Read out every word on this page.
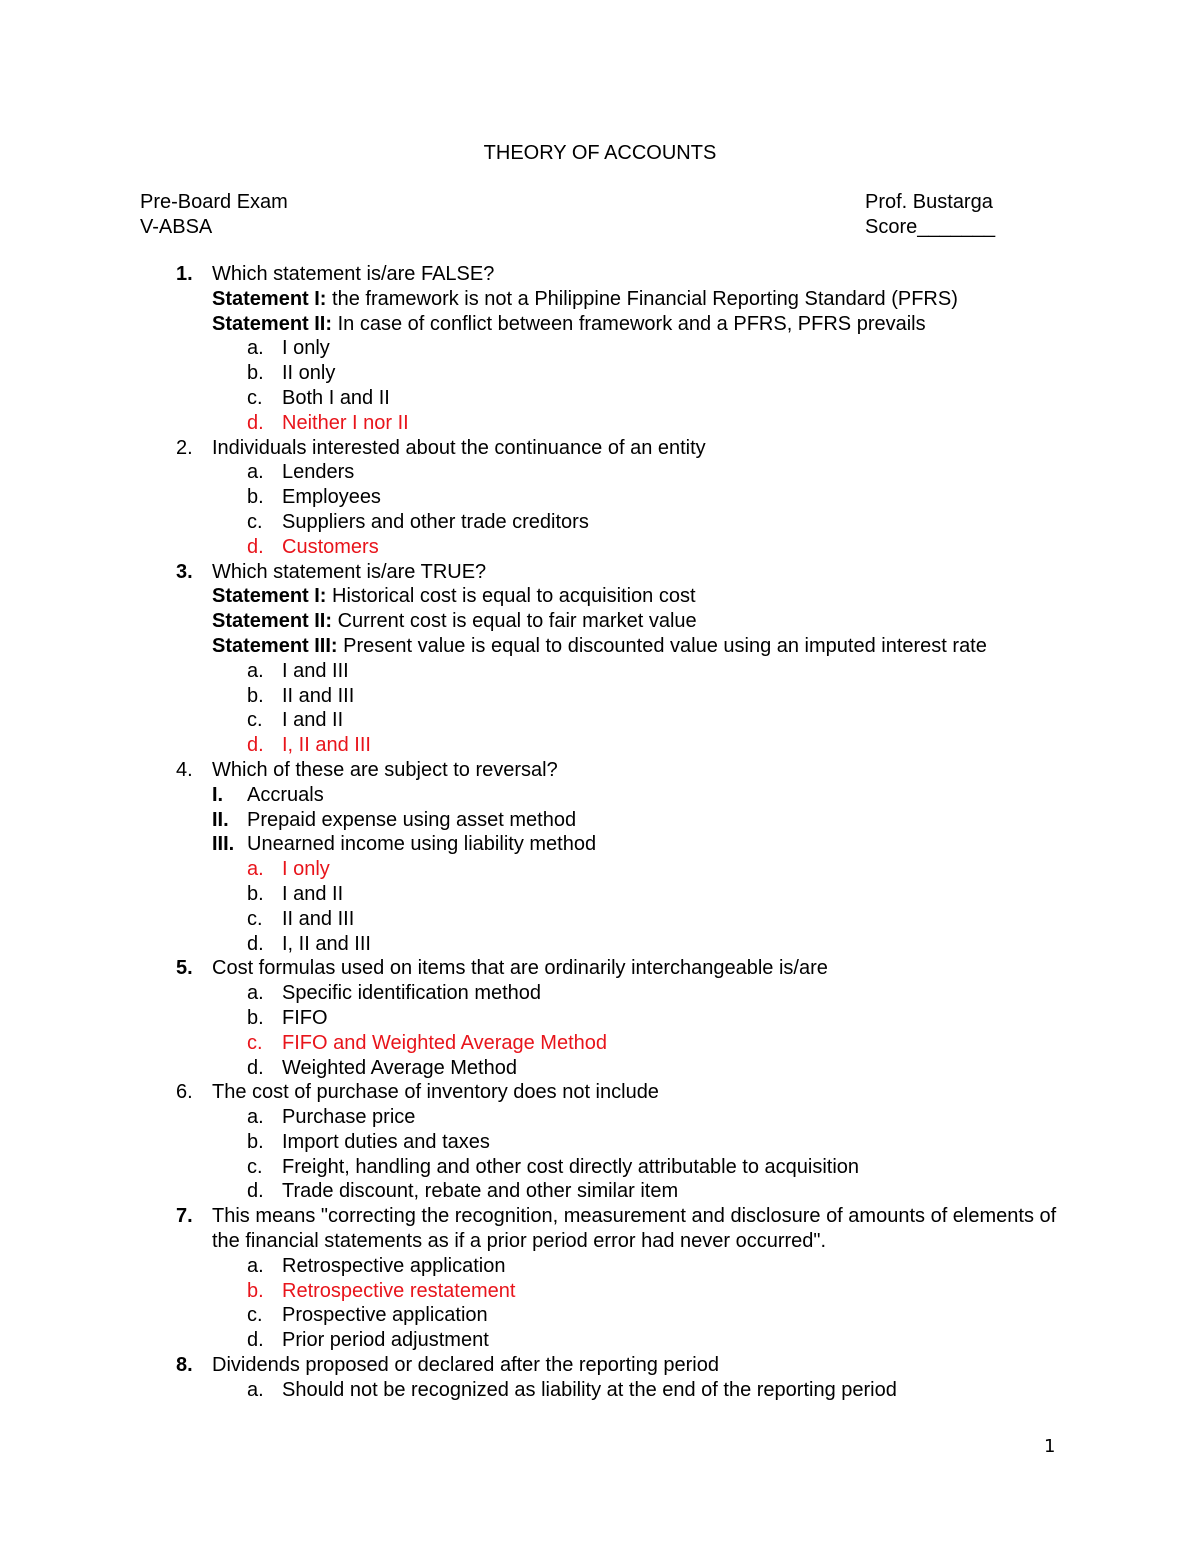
THEORY OF ACCOUNTS
Pre-Board Exam
V-ABSA
Prof. Bustarga
Score_______
1. Which statement is/are FALSE?
Statement I: the framework is not a Philippine Financial Reporting Standard (PFRS)
Statement II: In case of conflict between framework and a PFRS, PFRS prevails
a. I only
b. II only
c. Both I and II
d. Neither I nor II
2. Individuals interested about the continuance of an entity
a. Lenders
b. Employees
c. Suppliers and other trade creditors
d. Customers
3. Which statement is/are TRUE?
Statement I: Historical cost is equal to acquisition cost
Statement II: Current cost is equal to fair market value
Statement III: Present value is equal to discounted value using an imputed interest rate
a. I and III
b. II and III
c. I and II
d. I, II and III
4. Which of these are subject to reversal?
I. Accruals
II. Prepaid expense using asset method
III. Unearned income using liability method
a. I only
b. I and II
c. II and III
d. I, II and III
5. Cost formulas used on items that are ordinarily interchangeable is/are
a. Specific identification method
b. FIFO
c. FIFO and Weighted Average Method
d. Weighted Average Method
6. The cost of purchase of inventory does not include
a. Purchase price
b. Import duties and taxes
c. Freight, handling and other cost directly attributable to acquisition
d. Trade discount, rebate and other similar item
7. This means "correcting the recognition, measurement and disclosure of amounts of elements of the financial statements as if a prior period error had never occurred".
a. Retrospective application
b. Retrospective restatement
c. Prospective application
d. Prior period adjustment
8. Dividends proposed or declared after the reporting period
a. Should not be recognized as liability at the end of the reporting period
1
